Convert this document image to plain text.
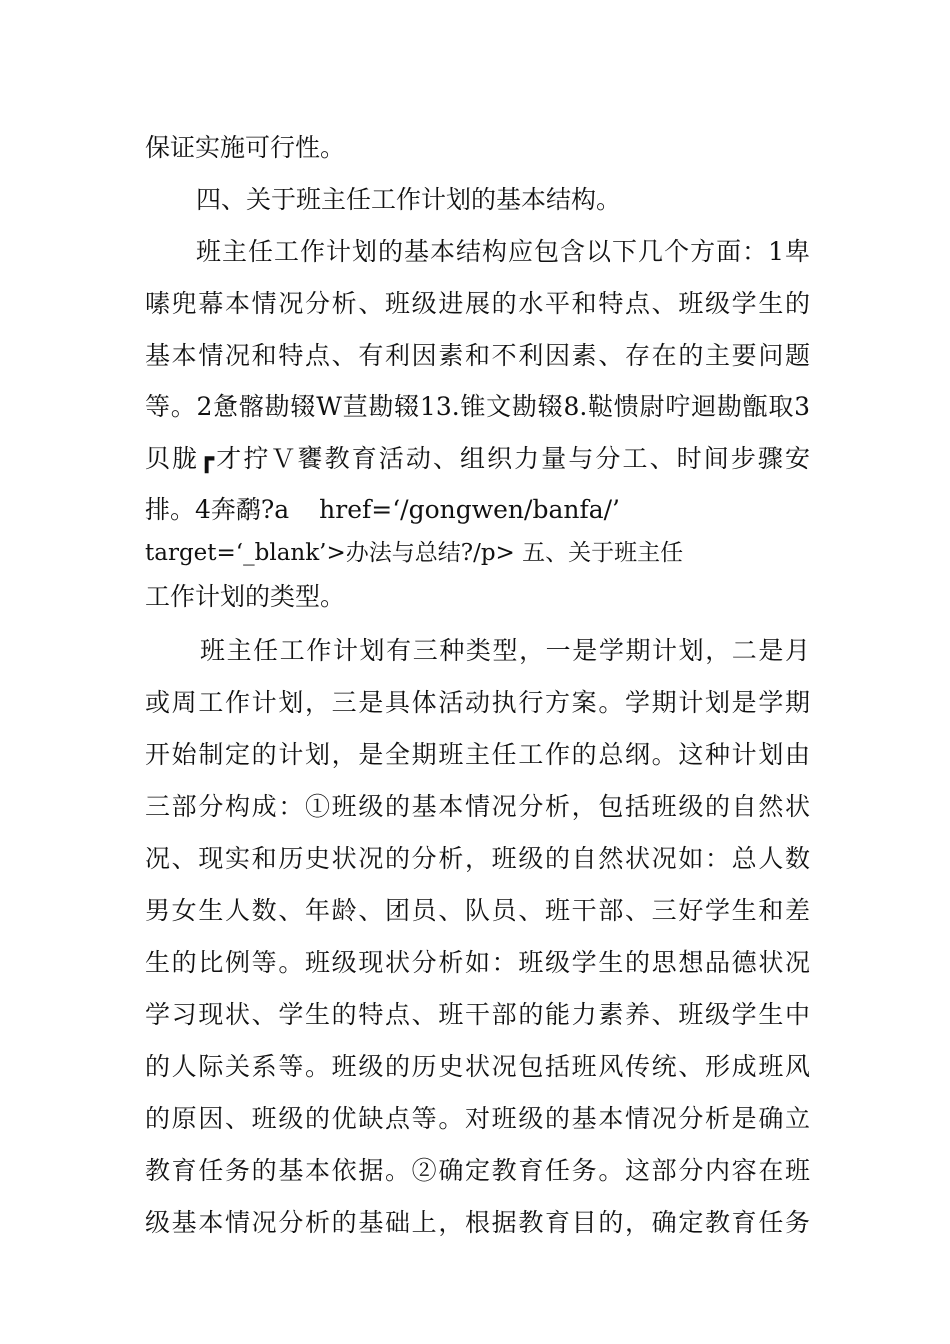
保证实施可行性。
四、关于班主任工作计划的基本结构。
班主任工作计划的基本结构应包含以下几个方面：1卑
嗉兜幕本情况分析、班级进展的水平和特点、班级学生的
基本情况和特点、有利因素和不利因素、存在的主要问题
等。2惫髂勘辍W荁勘辍13.锥文勘辍8.鞑愦尉咛迴勘甑取3
贝胧┏才拧Ｖ饔教育活动、组织力量与分工、时间步骤安
排。4奔鹬?a href=‘/gongwen/banfa/’
target=‘_blank’>办法与总结?/p> 五、关于班主任
工作计划的类型。
班主任工作计划有三种类型，一是学期计划，二是月
或周工作计划，三是具体活动执行方案。学期计划是学期
开始制定的计划，是全期班主任工作的总纲。这种计划由
三部分构成：①班级的基本情况分析，包括班级的自然状
况、现实和历史状况的分析，班级的自然状况如：总人数
男女生人数、年龄、团员、队员、班干部、三好学生和差
生的比例等。班级现状分析如：班级学生的思想品德状况
学习现状、学生的特点、班干部的能力素养、班级学生中
的人际关系等。班级的历史状况包括班风传统、形成班风
的原因、班级的优缺点等。对班级的基本情况分析是确立
教育任务的基本依据。②确定教育任务。这部分内容在班
级基本情况分析的基础上，根据教育目的，确定教育任务
